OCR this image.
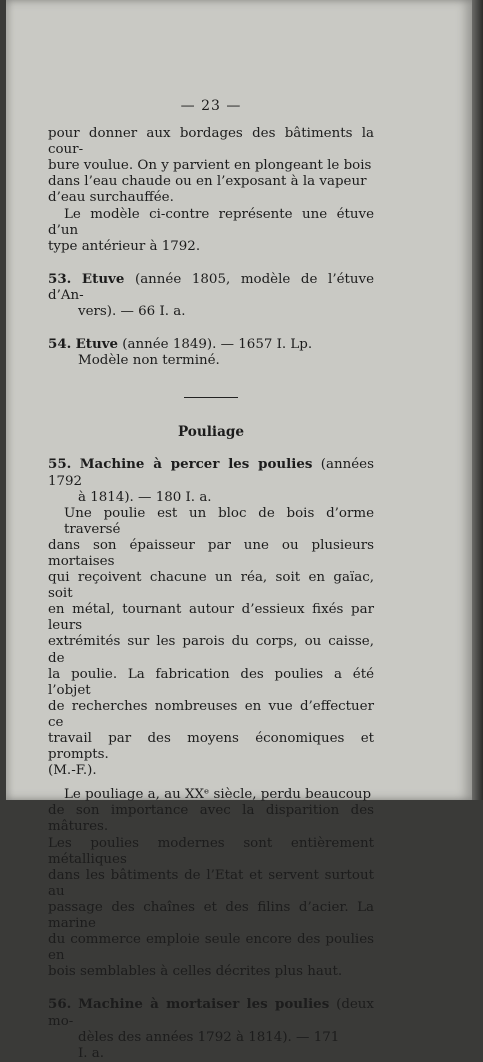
— 23 —

pour donner aux bordages des bâtiments la cour-

bure voulue. On y parvient en plongeant le bois

dans l’eau chaude ou en l’exposant à la vapeur

d’eau surchauffée.

Le modèle ci-contre représente une étuve d’un

type antérieur à 1792.

53. Etuve (année 1805, modèle de l’étuve d’An-

vers). — 66 I. a.

54. Etuve (année 1849). — 1657 I. Lp.

Modèle non terminé.

Pouliage

55. Machine à percer les poulies (années 1792

à 1814). — 180 I. a.

Une poulie est un bloc de bois d’orme traversé

dans son épaisseur par une ou plusieurs mortaises

qui reçoivent chacune un réa, soit en gaïac, soit

en métal, tournant autour d’essieux fixés par leurs

extrémités sur les parois du corps, ou caisse, de

la poulie. La fabrication des poulies a été l’objet

de recherches nombreuses en vue d’effectuer ce

travail par des moyens économiques et prompts.

(M.-F.).

Le pouliage a, au XXᵉ siècle, perdu beaucoup

de son importance avec la disparition des mâtures.

Les poulies modernes sont entièrement métalliques

dans les bâtiments de l’Etat et servent surtout au

passage des chaînes et des filins d’acier. La marine

du commerce emploie seule encore des poulies en

bois semblables à celles décrites plus haut.

56. Machine à mortaiser les poulies (deux mo-

dèles des années 1792 à 1814). — 171

I. a.
